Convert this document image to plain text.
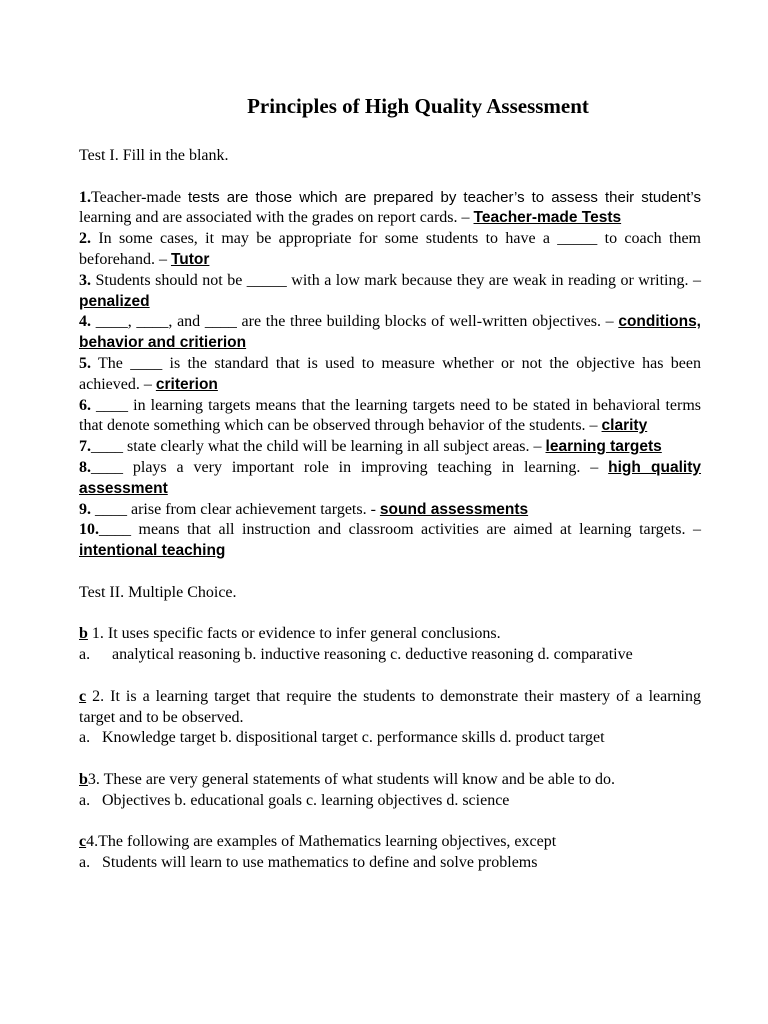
Principles of High Quality Assessment

Test I. Fill in the blank.

1.Teacher-made tests are those which are prepared by teacher’s to assess their student’s learning and are associated with the grades on report cards. – Teacher-made Tests

2. In some cases, it may be appropriate for some students to have a _____ to coach them beforehand. – Tutor

3. Students should not be _____ with a low mark because they are weak in reading or writing. – penalized

4. ____, ____, and ____ are the three building blocks of well-written objectives. – conditions, behavior and critierion

5. The ____ is the standard that is used to measure whether or not the objective has been achieved. – criterion

6. ____ in learning targets means that the learning targets need to be stated in behavioral terms that denote something which can be observed through behavior of the students. – clarity

7.____ state clearly what the child will be learning in all subject areas. – learning targets

8.____ plays a very important role in improving teaching in learning. – high quality assessment

9. ____ arise from clear achievement targets. - sound assessments

10.____ means that all instruction and classroom activities are aimed at learning targets. – intentional teaching

Test II. Multiple Choice.

b 1. It uses specific facts or evidence to infer general conclusions.

a. analytical reasoning b. inductive reasoning c. deductive reasoning d. comparative

c 2. It is a learning target that require the students to demonstrate their mastery of a learning target and to be observed.

a. Knowledge target b. dispositional target c. performance skills d. product target

b3. These are very general statements of what students will know and be able to do.

a. Objectives b. educational goals c. learning objectives d. science

c4.The following are examples of Mathematics learning objectives, except

a. Students will learn to use mathematics to define and solve problems
